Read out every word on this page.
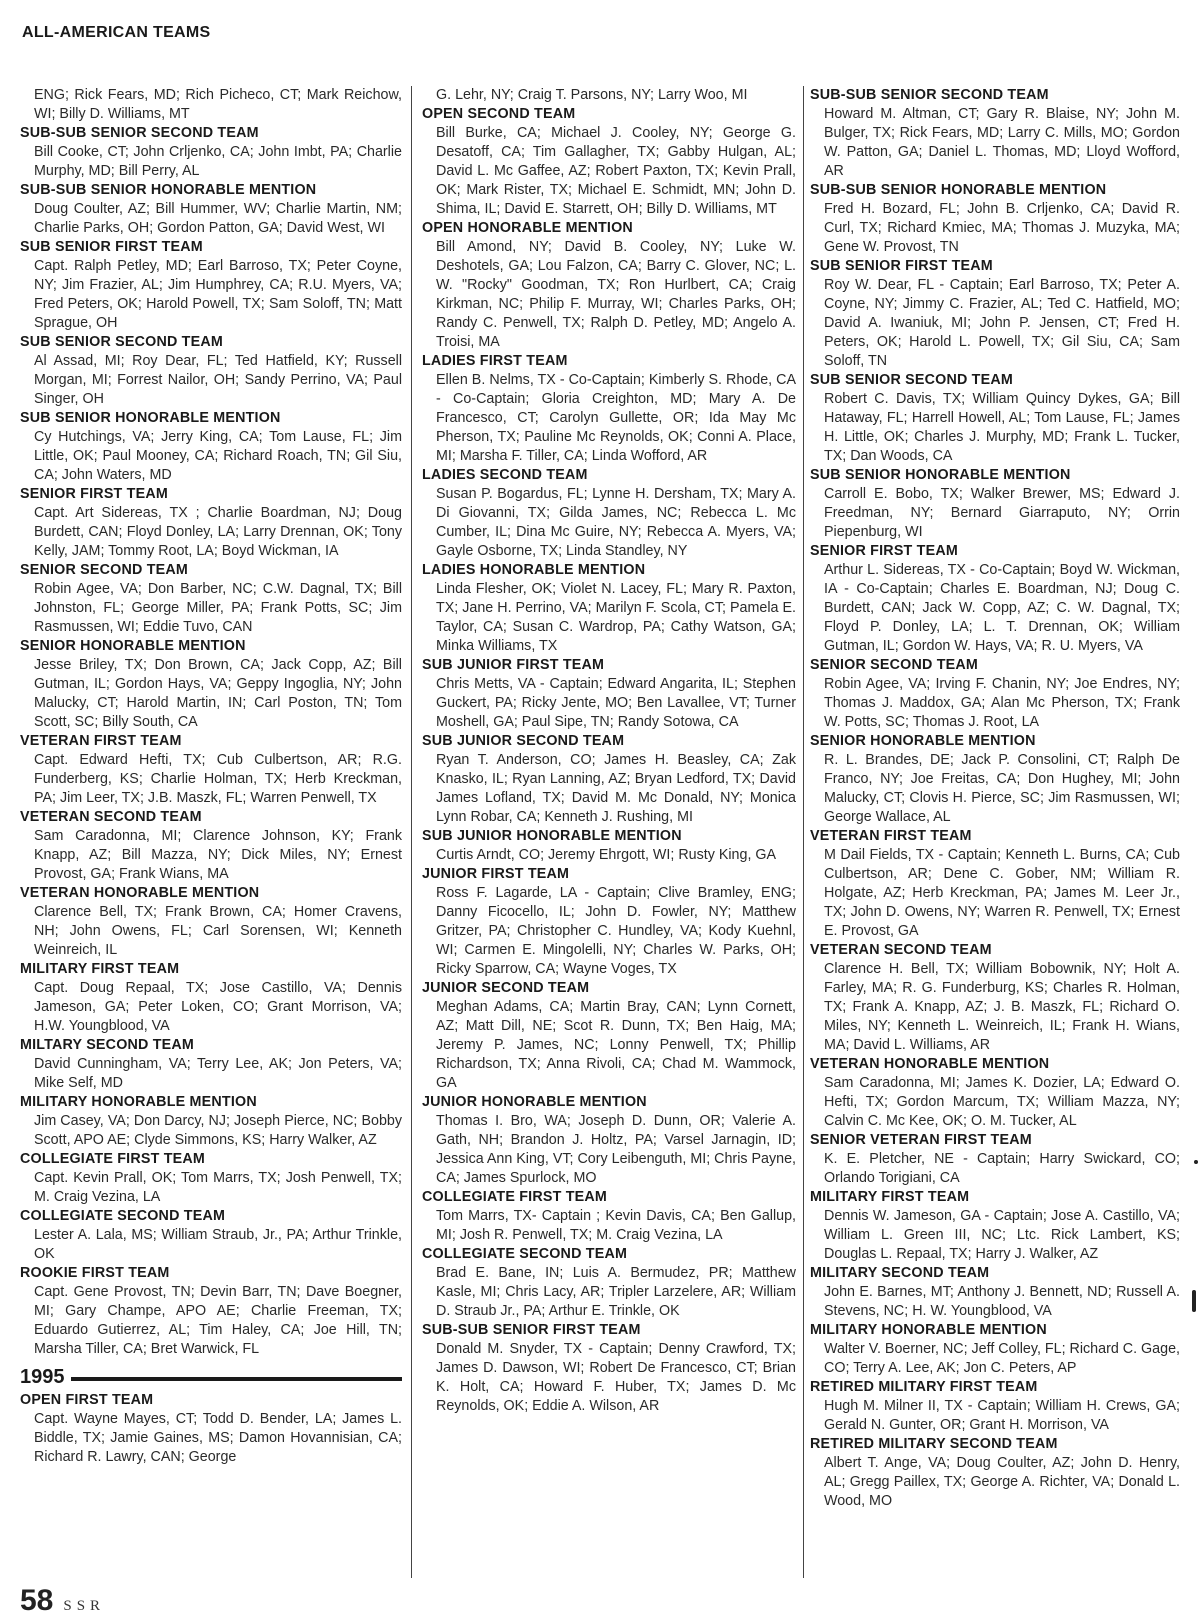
ALL-AMERICAN TEAMS

ENG; Rick Fears, MD; Rich Picheco, CT; Mark Reichow, WI; Billy D. Williams, MT

SUB-SUB SENIOR SECOND TEAM

Bill Cooke, CT; John Crljenko, CA; John Imbt, PA; Charlie Murphy, MD; Bill Perry, AL

SUB-SUB SENIOR HONORABLE MENTION

Doug Coulter, AZ; Bill Hummer, WV; Charlie Martin, NM; Charlie Parks, OH; Gordon Patton, GA; David West, WI

SUB SENIOR FIRST TEAM

Capt. Ralph Petley, MD; Earl Barroso, TX; Peter Coyne, NY; Jim Frazier, AL; Jim Humphrey, CA; R.U. Myers, VA; Fred Peters, OK; Harold Powell, TX; Sam Soloff, TN; Matt Sprague, OH

SUB SENIOR SECOND TEAM

Al Assad, MI; Roy Dear, FL; Ted Hatfield, KY; Russell Morgan, MI; Forrest Nailor, OH; Sandy Perrino, VA; Paul Singer, OH

SUB SENIOR HONORABLE MENTION

Cy Hutchings, VA; Jerry King, CA; Tom Lause, FL; Jim Little, OK; Paul Mooney, CA; Richard Roach, TN; Gil Siu, CA; John Waters, MD

SENIOR FIRST TEAM

Capt. Art Sidereas, TX ; Charlie Boardman, NJ; Doug Burdett, CAN; Floyd Donley, LA; Larry Drennan, OK; Tony Kelly, JAM; Tommy Root, LA; Boyd Wickman, IA

SENIOR SECOND TEAM

Robin Agee, VA; Don Barber, NC; C.W. Dagnal, TX; Bill Johnston, FL; George Miller, PA; Frank Potts, SC; Jim Rasmussen, WI; Eddie Tuvo, CAN

SENIOR HONORABLE MENTION

Jesse Briley, TX; Don Brown, CA; Jack Copp, AZ; Bill Gutman, IL; Gordon Hays, VA; Geppy Ingoglia, NY; John Malucky, CT; Harold Martin, IN; Carl Poston, TN; Tom Scott, SC; Billy South, CA

VETERAN FIRST TEAM

Capt. Edward Hefti, TX; Cub Culbertson, AR; R.G. Funderberg, KS; Charlie Holman, TX; Herb Kreckman, PA; Jim Leer, TX; J.B. Maszk, FL; Warren Penwell, TX

VETERAN SECOND TEAM

Sam Caradonna, MI; Clarence Johnson, KY; Frank Knapp, AZ; Bill Mazza, NY; Dick Miles, NY; Ernest Provost, GA; Frank Wians, MA

VETERAN HONORABLE MENTION

Clarence Bell, TX; Frank Brown, CA; Homer Cravens, NH; John Owens, FL; Carl Sorensen, WI; Kenneth Weinreich, IL

MILITARY FIRST TEAM

Capt. Doug Repaal, TX; Jose Castillo, VA; Dennis Jameson, GA; Peter Loken, CO; Grant Morrison, VA; H.W. Youngblood, VA

MILTARY SECOND TEAM

David Cunningham, VA; Terry Lee, AK; Jon Peters, VA; Mike Self, MD

MILITARY HONORABLE MENTION

Jim Casey, VA; Don Darcy, NJ; Joseph Pierce, NC; Bobby Scott, APO AE; Clyde Simmons, KS; Harry Walker, AZ

COLLEGIATE FIRST TEAM

Capt. Kevin Prall, OK; Tom Marrs, TX; Josh Penwell, TX; M. Craig Vezina, LA

COLLEGIATE SECOND TEAM

Lester A. Lala, MS; William Straub, Jr., PA; Arthur Trinkle, OK

ROOKIE FIRST TEAM

Capt. Gene Provost, TN; Devin Barr, TN; Dave Boegner, MI; Gary Champe, APO AE; Charlie Freeman, TX; Eduardo Gutierrez, AL; Tim Haley, CA; Joe Hill, TN; Marsha Tiller, CA; Bret Warwick, FL

1995
OPEN FIRST TEAM

Capt. Wayne Mayes, CT; Todd D. Bender, LA; James L. Biddle, TX; Jamie Gaines, MS; Damon Hovannisian, CA; Richard R. Lawry, CAN; George

G. Lehr, NY; Craig T. Parsons, NY; Larry Woo, MI

OPEN SECOND TEAM

Bill Burke, CA; Michael J. Cooley, NY; George G. Desatoff, CA; Tim Gallagher, TX; Gabby Hulgan, AL; David L. Mc Gaffee, AZ; Robert Paxton, TX; Kevin Prall, OK; Mark Rister, TX; Michael E. Schmidt, MN; John D. Shima, IL; David E. Starrett, OH; Billy D. Williams, MT

OPEN HONORABLE MENTION

Bill Amond, NY; David B. Cooley, NY; Luke W. Deshotels, GA; Lou Falzon, CA; Barry C. Glover, NC; L. W. "Rocky" Goodman, TX; Ron Hurlbert, CA; Craig Kirkman, NC; Philip F. Murray, WI; Charles Parks, OH; Randy C. Penwell, TX; Ralph D. Petley, MD; Angelo A. Troisi, MA

LADIES FIRST TEAM

Ellen B. Nelms, TX - Co-Captain; Kimberly S. Rhode, CA - Co-Captain; Gloria Creighton, MD; Mary A. De Francesco, CT; Carolyn Gullette, OR; Ida May Mc Pherson, TX; Pauline Mc Reynolds, OK; Conni A. Place, MI; Marsha F. Tiller, CA; Linda Wofford, AR

LADIES SECOND TEAM

Susan P. Bogardus, FL; Lynne H. Dersham, TX; Mary A. Di Giovanni, TX; Gilda James, NC; Rebecca L. Mc Cumber, IL; Dina Mc Guire, NY; Rebecca A. Myers, VA; Gayle Osborne, TX; Linda Standley, NY

LADIES HONORABLE MENTION

Linda Flesher, OK; Violet N. Lacey, FL; Mary R. Paxton, TX; Jane H. Perrino, VA; Marilyn F. Scola, CT; Pamela E. Taylor, CA; Susan C. Wardrop, PA; Cathy Watson, GA; Minka Williams, TX

SUB JUNIOR FIRST TEAM

Chris Metts, VA - Captain; Edward Angarita, IL; Stephen Guckert, PA; Ricky Jente, MO; Ben Lavallee, VT; Turner Moshell, GA; Paul Sipe, TN; Randy Sotowa, CA

SUB JUNIOR SECOND TEAM

Ryan T. Anderson, CO; James H. Beasley, CA; Zak Knasko, IL; Ryan Lanning, AZ; Bryan Ledford, TX; David James Lofland, TX; David M. Mc Donald, NY; Monica Lynn Robar, CA; Kenneth J. Rushing, MI

SUB JUNIOR HONORABLE MENTION

Curtis Arndt, CO; Jeremy Ehrgott, WI; Rusty King, GA

JUNIOR FIRST TEAM

Ross F. Lagarde, LA - Captain; Clive Bramley, ENG; Danny Ficocello, IL; John D. Fowler, NY; Matthew Gritzer, PA; Christopher C. Hundley, VA; Kody Kuehnl, WI; Carmen E. Mingolelli, NY; Charles W. Parks, OH; Ricky Sparrow, CA; Wayne Voges, TX

JUNIOR SECOND TEAM

Meghan Adams, CA; Martin Bray, CAN; Lynn Cornett, AZ; Matt Dill, NE; Scot R. Dunn, TX; Ben Haig, MA; Jeremy P. James, NC; Lonny Penwell, TX; Phillip Richardson, TX; Anna Rivoli, CA; Chad M. Wammock, GA

JUNIOR HONORABLE MENTION

Thomas I. Bro, WA; Joseph D. Dunn, OR; Valerie A. Gath, NH; Brandon J. Holtz, PA; Varsel Jarnagin, ID; Jessica Ann King, VT; Cory Leibenguth, MI; Chris Payne, CA; James Spurlock, MO

COLLEGIATE FIRST TEAM

Tom Marrs, TX- Captain ; Kevin Davis, CA; Ben Gallup, MI; Josh R. Penwell, TX; M. Craig Vezina, LA

COLLEGIATE SECOND TEAM

Brad E. Bane, IN; Luis A. Bermudez, PR; Matthew Kasle, MI; Chris Lacy, AR; Tripler Larzelere, AR; William D. Straub Jr., PA; Arthur E. Trinkle, OK

SUB-SUB SENIOR FIRST TEAM

Donald M. Snyder, TX - Captain; Denny Crawford, TX; James D. Dawson, WI; Robert De Francesco, CT; Brian K. Holt, CA; Howard F. Huber, TX; James D. Mc Reynolds, OK; Eddie A. Wilson, AR

SUB-SUB SENIOR SECOND TEAM

Howard M. Altman, CT; Gary R. Blaise, NY; John M. Bulger, TX; Rick Fears, MD; Larry C. Mills, MO; Gordon W. Patton, GA; Daniel L. Thomas, MD; Lloyd Wofford, AR

SUB-SUB SENIOR HONORABLE MENTION

Fred H. Bozard, FL; John B. Crljenko, CA; David R. Curl, TX; Richard Kmiec, MA; Thomas J. Muzyka, MA; Gene W. Provost, TN

SUB SENIOR FIRST TEAM

Roy W. Dear, FL - Captain; Earl Barroso, TX; Peter A. Coyne, NY; Jimmy C. Frazier, AL; Ted C. Hatfield, MO; David A. Iwaniuk, MI; John P. Jensen, CT; Fred H. Peters, OK; Harold L. Powell, TX; Gil Siu, CA; Sam Soloff, TN

SUB SENIOR SECOND TEAM

Robert C. Davis, TX; William Quincy Dykes, GA; Bill Hataway, FL; Harrell Howell, AL; Tom Lause, FL; James H. Little, OK; Charles J. Murphy, MD; Frank L. Tucker, TX; Dan Woods, CA

SUB SENIOR HONORABLE MENTION

Carroll E. Bobo, TX; Walker Brewer, MS; Edward J. Freedman, NY; Bernard Giarraputo, NY; Orrin Piepenburg, WI

SENIOR FIRST TEAM

Arthur L. Sidereas, TX - Co-Captain; Boyd W. Wickman, IA - Co-Captain; Charles E. Boardman, NJ; Doug C. Burdett, CAN; Jack W. Copp, AZ; C. W. Dagnal, TX; Floyd P. Donley, LA; L. T. Drennan, OK; William Gutman, IL; Gordon W. Hays, VA; R. U. Myers, VA

SENIOR SECOND TEAM

Robin Agee, VA; Irving F. Chanin, NY; Joe Endres, NY; Thomas J. Maddox, GA; Alan Mc Pherson, TX; Frank W. Potts, SC; Thomas J. Root, LA

SENIOR HONORABLE MENTION

R. L. Brandes, DE; Jack P. Consolini, CT; Ralph De Franco, NY; Joe Freitas, CA; Don Hughey, MI; John Malucky, CT; Clovis H. Pierce, SC; Jim Rasmussen, WI; George Wallace, AL

VETERAN FIRST TEAM

M Dail Fields, TX - Captain; Kenneth L. Burns, CA; Cub Culbertson, AR; Dene C. Gober, NM; William R. Holgate, AZ; Herb Kreckman, PA; James M. Leer Jr., TX; John D. Owens, NY; Warren R. Penwell, TX; Ernest E. Provost, GA

VETERAN SECOND TEAM

Clarence H. Bell, TX; William Bobownik, NY; Holt A. Farley, MA; R. G. Funderburg, KS; Charles R. Holman, TX; Frank A. Knapp, AZ; J. B. Maszk, FL; Richard O. Miles, NY; Kenneth L. Weinreich, IL; Frank H. Wians, MA; David L. Williams, AR

VETERAN HONORABLE MENTION

Sam Caradonna, MI; James K. Dozier, LA; Edward O. Hefti, TX; Gordon Marcum, TX; William Mazza, NY; Calvin C. Mc Kee, OK; O. M. Tucker, AL

SENIOR VETERAN FIRST TEAM

K. E. Pletcher, NE - Captain; Harry Swickard, CO; Orlando Torigiani, CA

MILITARY FIRST TEAM

Dennis W. Jameson, GA - Captain; Jose A. Castillo, VA; William L. Green III, NC; Ltc. Rick Lambert, KS; Douglas L. Repaal, TX; Harry J. Walker, AZ

MILITARY SECOND TEAM

John E. Barnes, MT; Anthony J. Bennett, ND; Russell A. Stevens, NC; H. W. Youngblood, VA

MILITARY HONORABLE MENTION

Walter V. Boerner, NC; Jeff Colley, FL; Richard C. Gage, CO; Terry A. Lee, AK; Jon C. Peters, AP

RETIRED MILITARY FIRST TEAM

Hugh M. Milner II, TX - Captain; William H. Crews, GA; Gerald N. Gunter, OR; Grant H. Morrison, VA

RETIRED MILITARY SECOND TEAM

Albert T. Ange, VA; Doug Coulter, AZ; John D. Henry, AL; Gregg Paillex, TX; George A. Richter, VA; Donald L. Wood, MO

58 SSR
